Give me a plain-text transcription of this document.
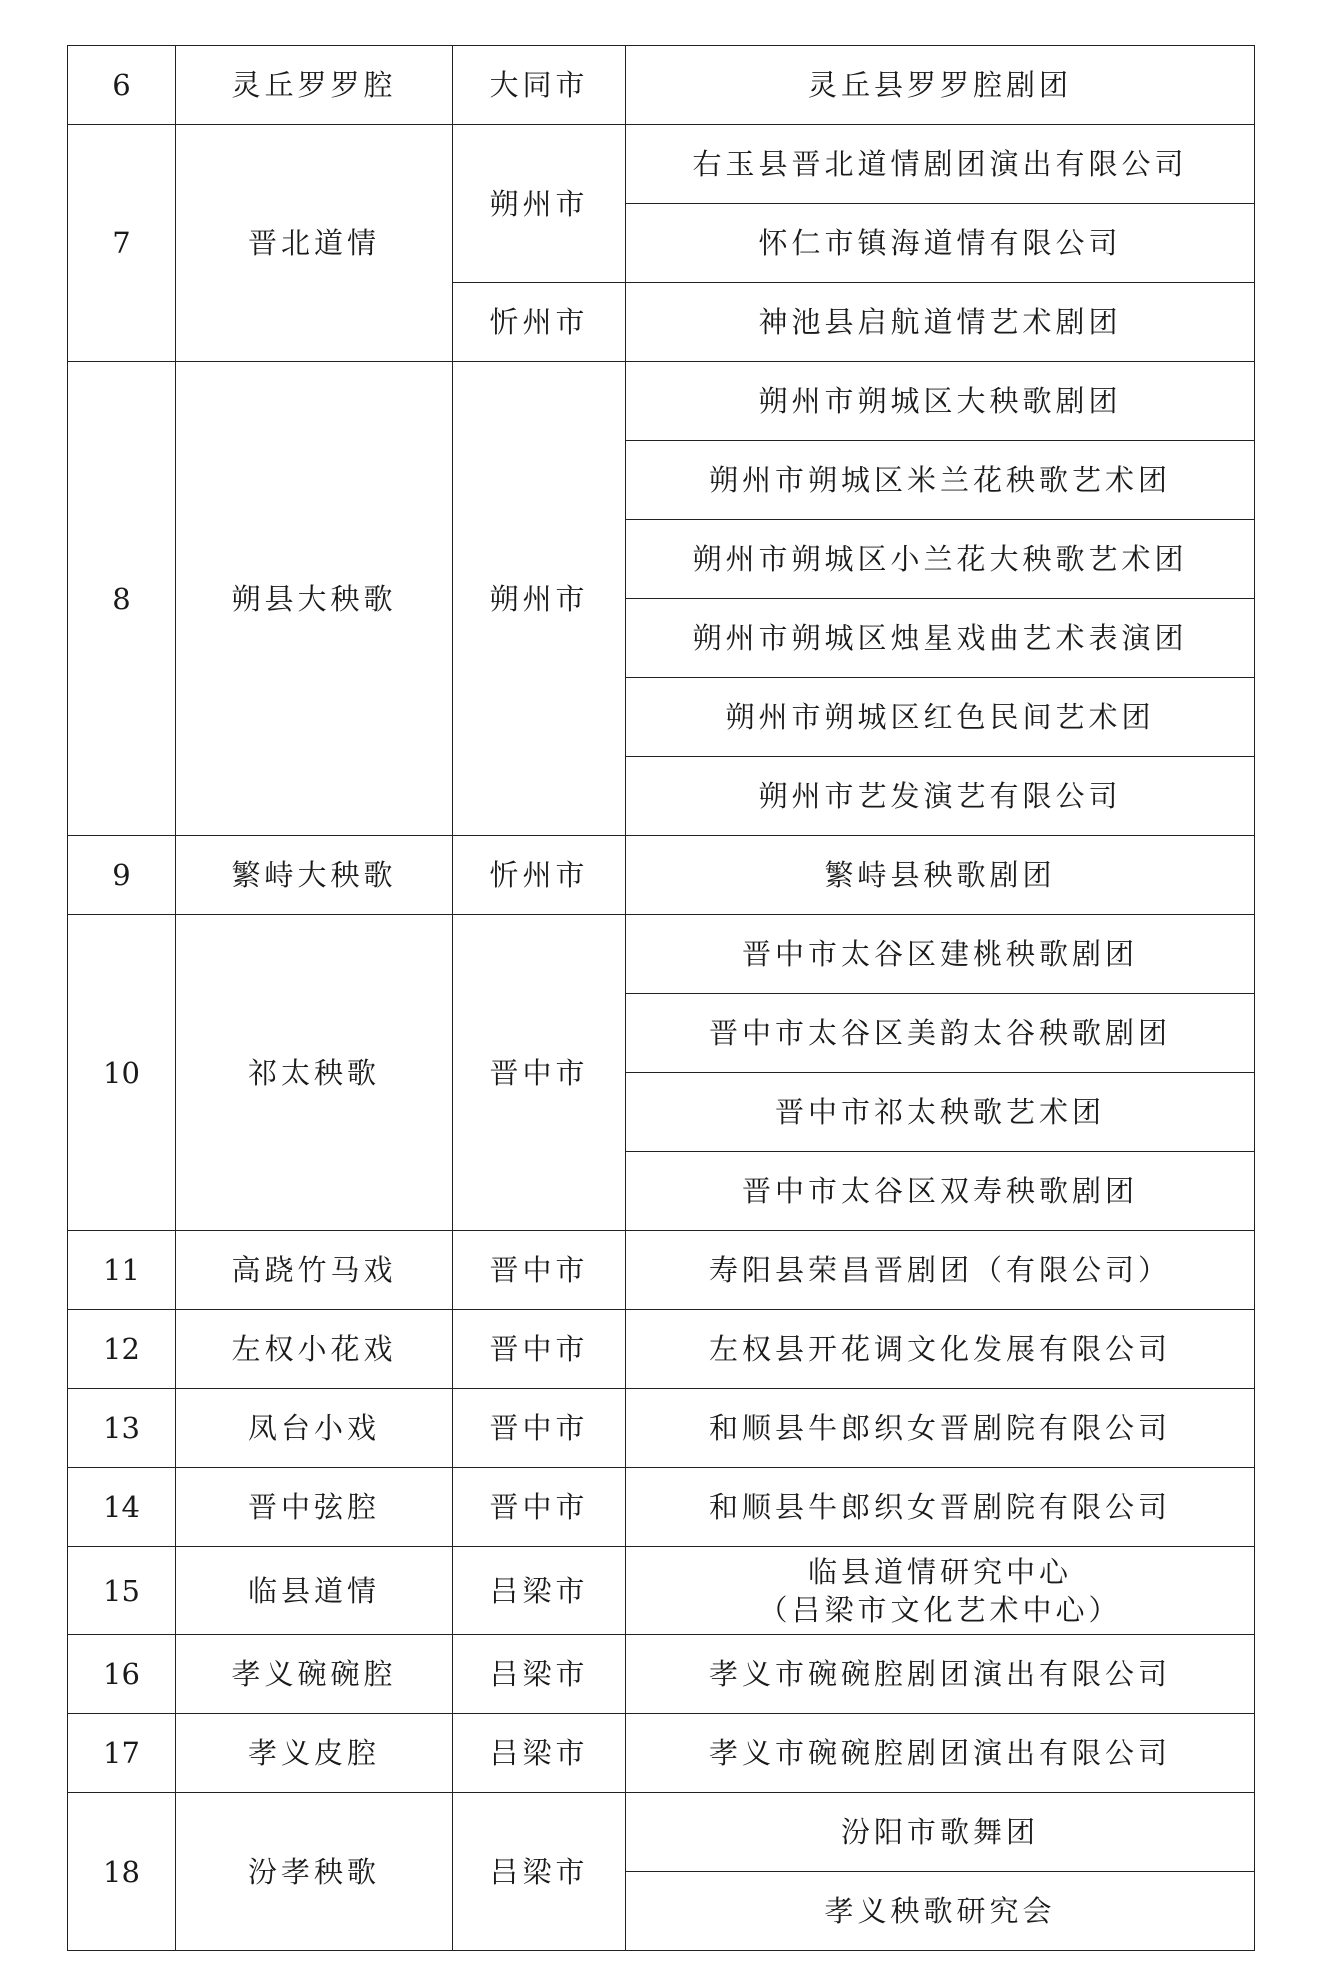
6	灵丘罗罗腔	大同市	灵丘县罗罗腔剧团
7	晋北道情	朔州市	右玉县晋北道情剧团演出有限公司
			怀仁市镇海道情有限公司
		忻州市	神池县启航道情艺术剧团
8	朔县大秧歌	朔州市	朔州市朔城区大秧歌剧团
			朔州市朔城区米兰花秧歌艺术团
			朔州市朔城区小兰花大秧歌艺术团
			朔州市朔城区烛星戏曲艺术表演团
			朔州市朔城区红色民间艺术团
			朔州市艺发演艺有限公司
9	繁峙大秧歌	忻州市	繁峙县秧歌剧团
10	祁太秧歌	晋中市	晋中市太谷区建桃秧歌剧团
			晋中市太谷区美韵太谷秧歌剧团
			晋中市祁太秧歌艺术团
			晋中市太谷区双寿秧歌剧团
11	高跷竹马戏	晋中市	寿阳县荣昌晋剧团（有限公司）
12	左权小花戏	晋中市	左权县开花调文化发展有限公司
13	凤台小戏	晋中市	和顺县牛郎织女晋剧院有限公司
14	晋中弦腔	晋中市	和顺县牛郎织女晋剧院有限公司
15	临县道情	吕梁市	临县道情研究中心
（吕梁市文化艺术中心）

16	孝义碗碗腔	吕梁市	孝义市碗碗腔剧团演出有限公司
17	孝义皮腔	吕梁市	孝义市碗碗腔剧团演出有限公司
18	汾孝秧歌	吕梁市	汾阳市歌舞团
			孝义秧歌研究会
